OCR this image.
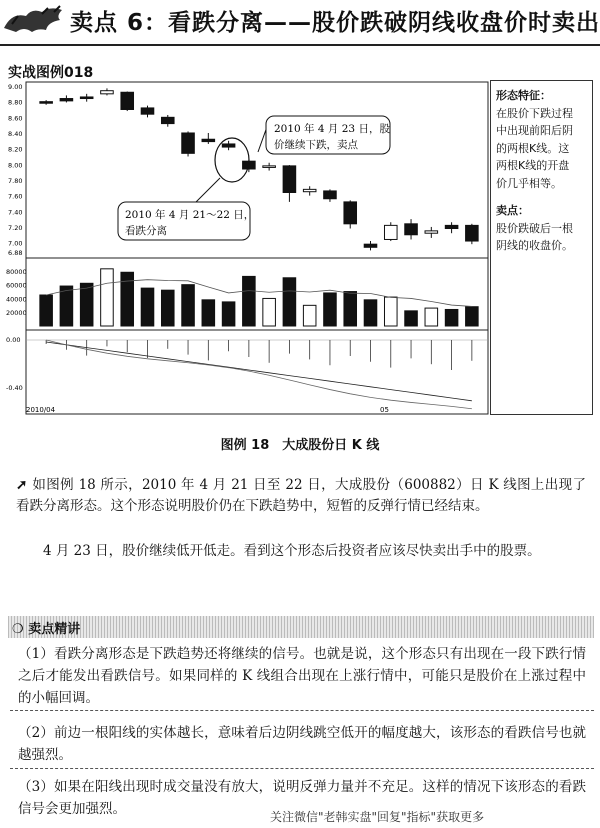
卖点 6：看跌分离——股价跌破阴线收盘价时卖出
实战图例018
9.00
8.80
8.60
8.40
8.20
8.00
7.80
7.60
7.40
7.20
7.00
6.88
80000
60000
40000
20000
0.00
-0.40
2010 年 4 月 23 日，股
价继续下跌，卖点
2010 年 4 月 21～22 日，
看跌分离
2010/04	05
形态特征：
在股价下跌过程
中出现前阳后阴
的两根K线。这
两根K线的开盘
价几乎相等。
卖点：
股价跌破后一根
阴线的收盘价。
图例 18　大成股份日 K 线
➚ 如图例 18 所示，2010 年 4 月 21 日至 22 日，大成股份（600882）日 K 线图上出现了看跌分离形态。这个形态说明股价仍在下跌趋势中，短暂的反弹行情已经结束。
4 月 23 日，股价继续低开低走。看到这个形态后投资者应该尽快卖出手中的股票。
❍ 卖点精讲
（1）看跌分离形态是下跌趋势还将继续的信号。也就是说，这个形态只有出现在一段下跌行情之后才能发出看跌信号。如果同样的 K 线组合出现在上涨行情中，可能只是股价在上涨过程中的小幅回调。
（2）前边一根阳线的实体越长，意味着后边阴线跳空低开的幅度越大，该形态的看跌信号也就越强烈。
（3）如果在阳线出现时成交量没有放大，说明反弹力量并不充足。这样的情况下该形态的看跌信号会更加强烈。	关注微信"老韩实盘"回复"指标"获取更多
